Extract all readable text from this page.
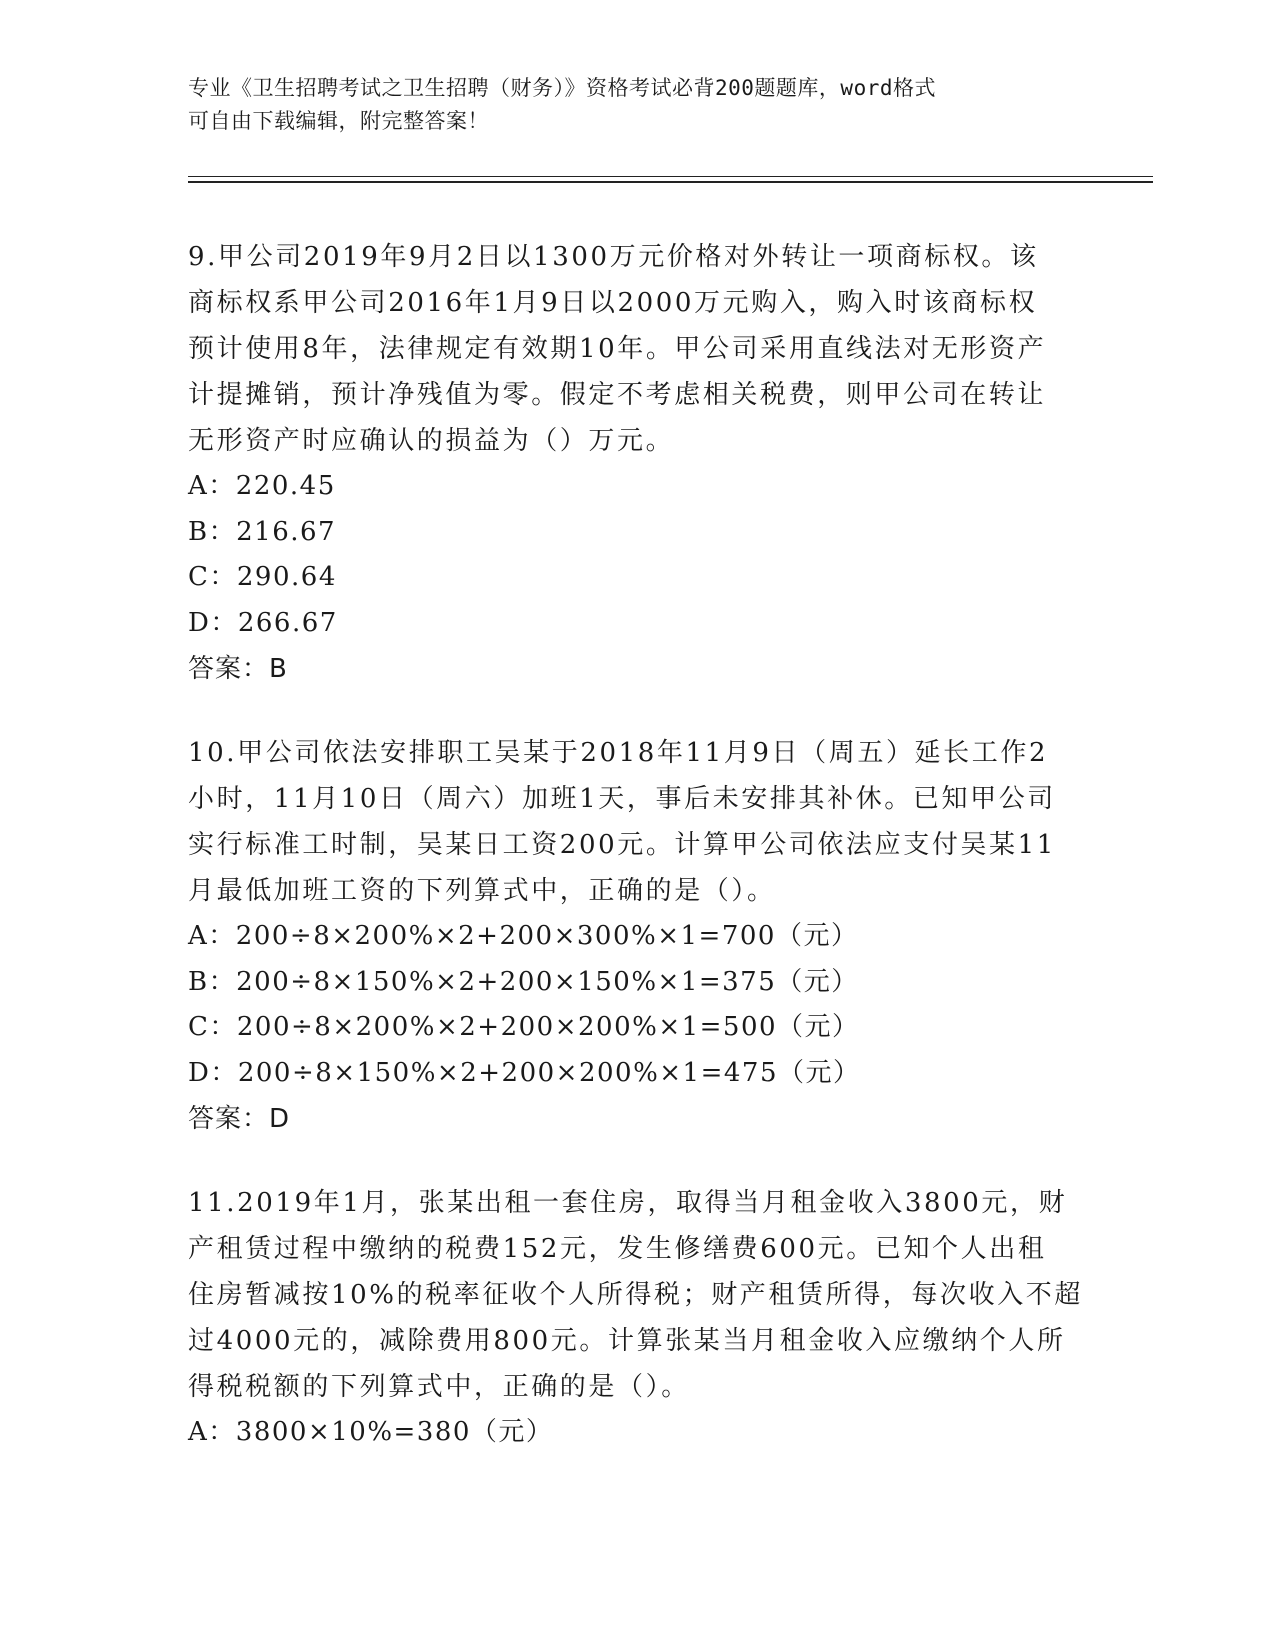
专业《卫生招聘考试之卫生招聘（财务）》资格考试必背200题题库，word格式

可自由下载编辑，附完整答案！

9.甲公司2019年9月2日以1300万元价格对外转让一项商标权。该

商标权系甲公司2016年1月9日以2000万元购入，购入时该商标权

预计使用8年，法律规定有效期10年。甲公司采用直线法对无形资产

计提摊销，预计净残值为零。假定不考虑相关税费，则甲公司在转让

无形资产时应确认的损益为（）万元。

A：220.45

B：216.67

C：290.64

D：266.67

答案：B

10.甲公司依法安排职工吴某于2018年11月9日（周五）延长工作2

小时，11月10日（周六）加班1天，事后未安排其补休。已知甲公司

实行标准工时制，吴某日工资200元。计算甲公司依法应支付吴某11

月最低加班工资的下列算式中，正确的是（）。

A：200÷8×200%×2+200×300%×1=700（元）

B：200÷8×150%×2+200×150%×1=375（元）

C：200÷8×200%×2+200×200%×1=500（元）

D：200÷8×150%×2+200×200%×1=475（元）

答案：D

11.2019年1月，张某出租一套住房，取得当月租金收入3800元，财

产租赁过程中缴纳的税费152元，发生修缮费600元。已知个人出租

住房暂减按10%的税率征收个人所得税；财产租赁所得，每次收入不超

过4000元的，减除费用800元。计算张某当月租金收入应缴纳个人所

得税税额的下列算式中，正确的是（）。

A：3800×10%=380（元）
